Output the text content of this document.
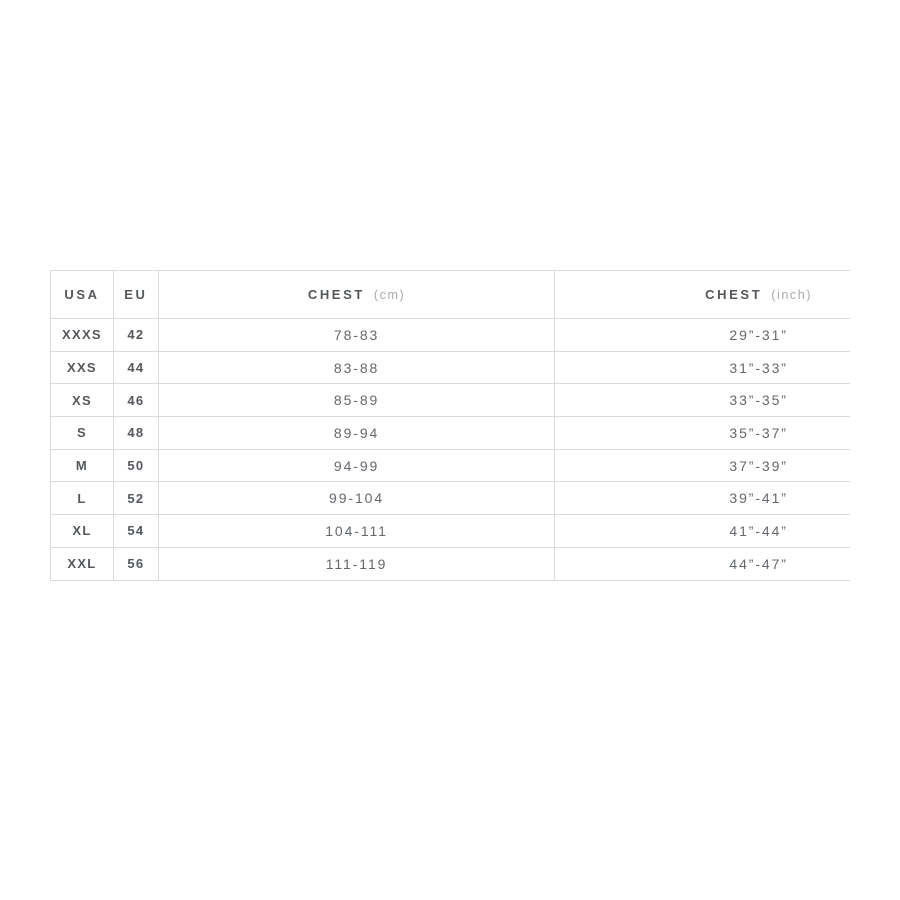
USA EU	CHEST (cm)	CHEST (inch)
XXXS	42	78-83	29”-31”
XXS	44	83-88	31”-33”
XS	46	85-89	33”-35”
S	48	89-94	35”-37”
M	50	94-99	37”-39”
L	52	99-104	39”-41”
XL	54	104-111	41”-44”
XXL	56	111-119	44”-47”
